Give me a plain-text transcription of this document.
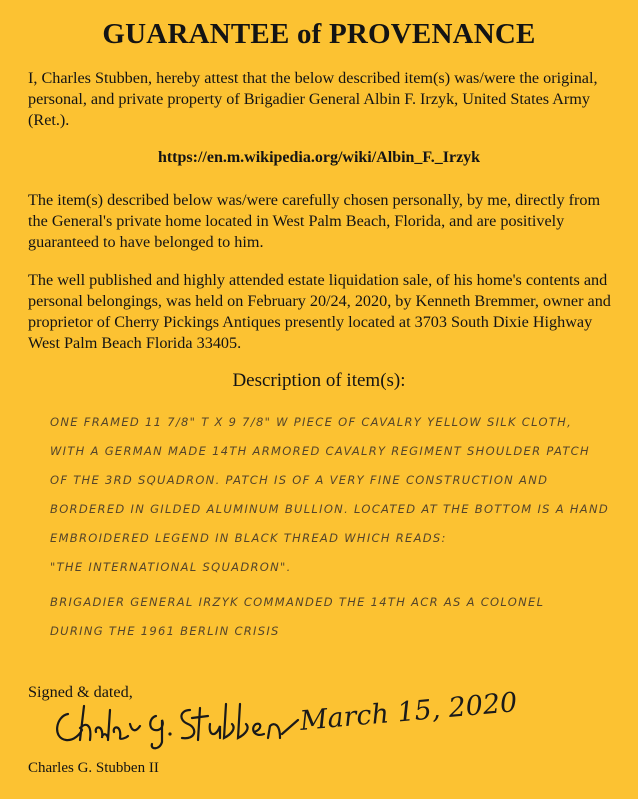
GUARANTEE of PROVENANCE

I, Charles Stubben, hereby attest that the below described item(s) was/were the original, personal, and private property of Brigadier General Albin F. Irzyk, United States Army (Ret.).

https://en.m.wikipedia.org/wiki/Albin_F._Irzyk

The item(s) described below was/were carefully chosen personally, by me, directly from the General's private home located in West Palm Beach, Florida, and are positively guaranteed to have belonged to him.

The well published and highly attended estate liquidation sale, of his home's contents and personal belongings, was held on February 20/24, 2020, by Kenneth Bremmer, owner and proprietor of Cherry Pickings Antiques presently located at 3703 South Dixie Highway West Palm Beach Florida 33405.

Description of item(s):
ONE FRAMED 11 7/8" T X 9 7/8" W PIECE OF CAVALRY YELLOW SILK CLOTH,
WITH A GERMAN MADE 14TH ARMORED CAVALRY REGIMENT SHOULDER PATCH
OF THE 3RD SQUADRON. PATCH IS OF A VERY FINE CONSTRUCTION AND
BORDERED IN GILDED ALUMINUM BULLION. LOCATED AT THE BOTTOM IS A HAND
EMBROIDERED LEGEND IN BLACK THREAD WHICH READS:
"THE INTERNATIONAL SQUADRON".
BRIGADIER GENERAL IRZYK COMMANDED THE 14TH ACR AS A COLONEL
DURING THE 1961 BERLIN CRISIS
Signed & dated,	March 15, 2020
Charles G. Stubben II
